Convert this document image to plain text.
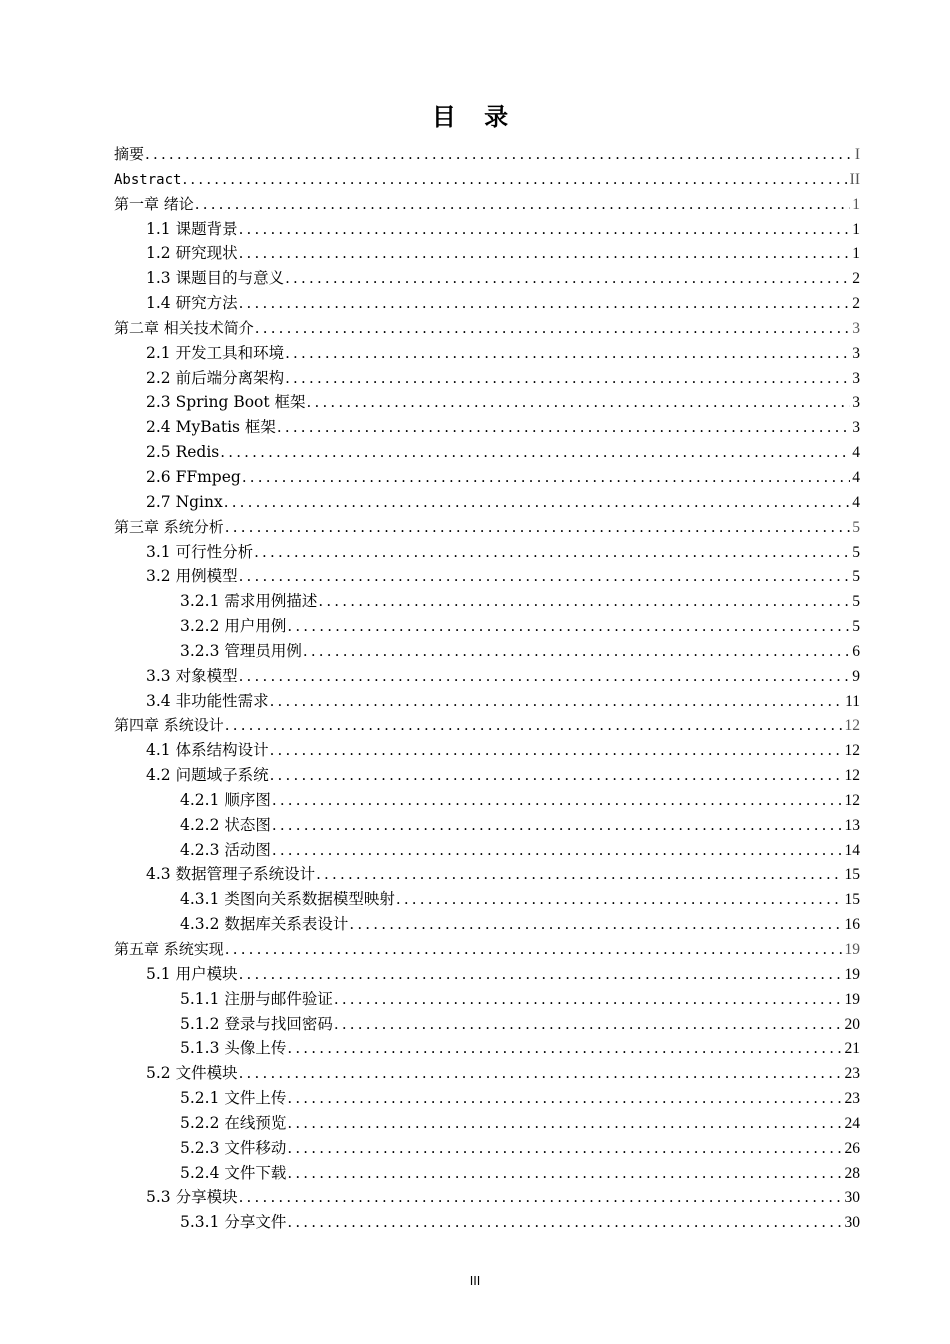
目 录
摘要 .....	I
Abstract .....	II
第一章 绪论 .....	1
1.1 课题背景 .....	1
1.2 研究现状 .....	1
1.3 课题目的与意义 .....	2
1.4 研究方法 .....	2
第二章 相关技术简介 .....	3
2.1 开发工具和环境 .....	3
2.2 前后端分离架构 .....	3
2.3 Spring Boot 框架 .....	3
2.4 MyBatis 框架 .....	3
2.5 Redis .....	4
2.6 FFmpeg .....	4
2.7 Nginx .....	4
第三章 系统分析 .....	5
3.1 可行性分析 .....	5
3.2 用例模型 .....	5
3.2.1 需求用例描述 .....	5
3.2.2 用户用例 .....	5
3.2.3 管理员用例 .....	6
3.3 对象模型 .....	9
3.4 非功能性需求 .....	11
第四章 系统设计 .....	12
4.1 体系结构设计 .....	12
4.2 问题域子系统 .....	12
4.2.1 顺序图 .....	12
4.2.2 状态图 .....	13
4.2.3 活动图 .....	14
4.3 数据管理子系统设计 .....	15
4.3.1 类图向关系数据模型映射 .....	15
4.3.2 数据库关系表设计 .....	16
第五章 系统实现 .....	19
5.1 用户模块 .....	19
5.1.1 注册与邮件验证 .....	19
5.1.2 登录与找回密码 .....	20
5.1.3 头像上传 .....	21
5.2 文件模块 .....	23
5.2.1 文件上传 .....	23
5.2.2 在线预览 .....	24
5.2.3 文件移动 .....	26
5.2.4 文件下载 .....	28
5.3 分享模块 .....	30
5.3.1 分享文件 .....	30
III
